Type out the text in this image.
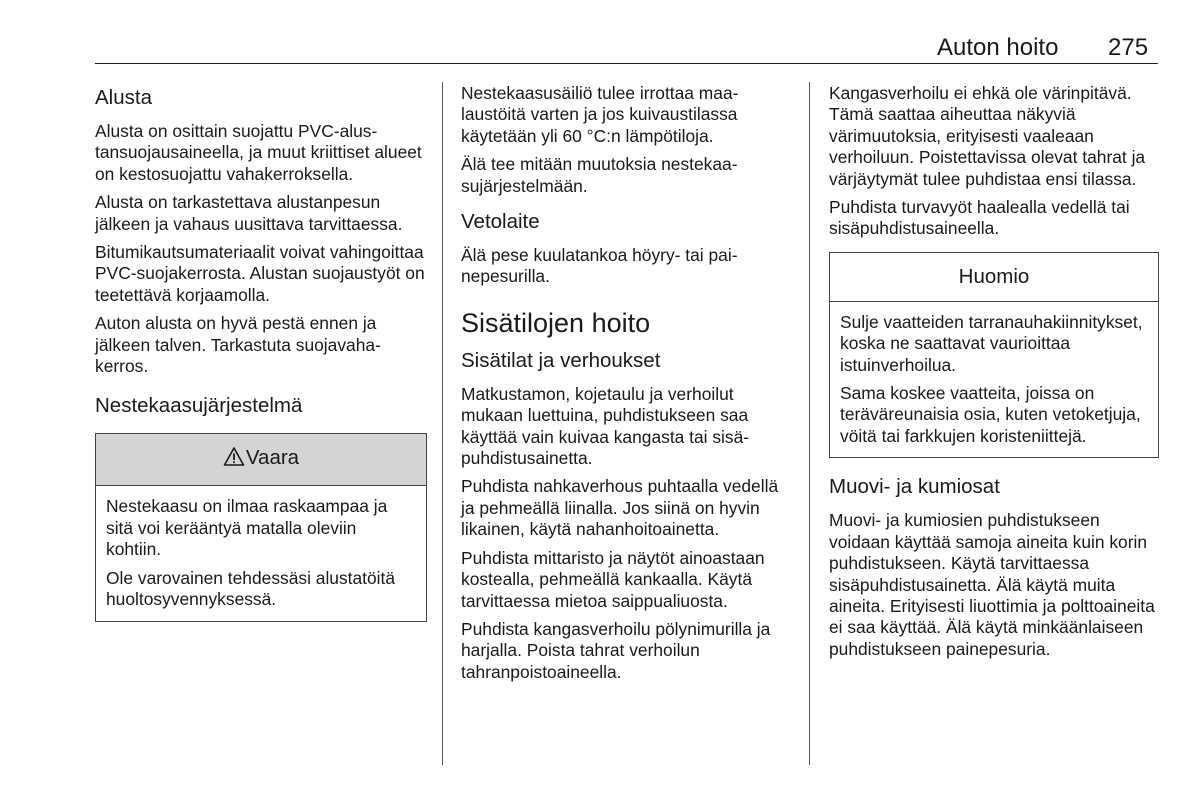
Auton hoito 275
Alusta
Alusta on osittain suojattu PVC-alustansuojausaineella, ja muut kriittiset alueet on kestosuojattu vahakerroksella.
Alusta on tarkastettava alustanpesun jälkeen ja vahaus uusittava tarvittaessa.
Bitumikautsumateriaalit voivat vahingoittaa PVC-suojakerrosta. Alustan suojaustyöt on teetettävä korjaamolla.
Auton alusta on hyvä pestä ennen ja jälkeen talven. Tarkastuta suojavahakerros.
Nestekaasujärjestelmä
Vaara
Nestekaasu on ilmaa raskaampaa ja sitä voi kerääntyä matalla oleviin kohtiin.
Ole varovainen tehdessäsi alustatöitä huoltosyvennyksessä.
Nestekaasusäiliö tulee irrottaa maalaustöitä varten ja jos kuivaustilassa käytetään yli 60 °C:n lämpötiloja.
Älä tee mitään muutoksia nestekaasujärjestelmään.
Vetolaite
Älä pese kuulatankoa höyry- tai painepesurilla.
Sisätilojen hoito
Sisätilat ja verhoukset
Matkustamon, kojetaulu ja verhoilut mukaan luettuina, puhdistukseen saa käyttää vain kuivaa kangasta tai sisäpuhdistusainetta.
Puhdista nahkaverhous puhtaalla vedellä ja pehmeällä liinalla. Jos siinä on hyvin likainen, käytä nahanhoitoainetta.
Puhdista mittaristo ja näytöt ainoastaan kostealla, pehmeällä kankaalla. Käytä tarvittaessa mietoa saippualiuosta.
Puhdista kangasverhoilu pölynimurilla ja harjalla. Poista tahrat verhoilun tahranpoistoaineella.
Kangasverhoilu ei ehkä ole värinpitävä. Tämä saattaa aiheuttaa näkyviä värimuutoksia, erityisesti vaaleaan verhoiluun. Poistettavissa olevat tahrat ja värjäytymät tulee puhdistaa ensi tilassa.
Puhdista turvavyöt haalealla vedellä tai sisäpuhdistusaineella.
Huomio
Sulje vaatteiden tarranauhakiinnitykset, koska ne saattavat vaurioittaa istuinverhoilua.
Sama koskee vaatteita, joissa on teräväreunaisia osia, kuten vetoketjuja, vöitä tai farkkujen koristeniittejä.
Muovi- ja kumiosat
Muovi- ja kumiosien puhdistukseen voidaan käyttää samoja aineita kuin korin puhdistukseen. Käytä tarvittaessa sisäpuhdistusainetta. Älä käytä muita aineita. Erityisesti liuottimia ja polttoaineita ei saa käyttää. Älä käytä minkäänlaiseen puhdistukseen painepesuria.
